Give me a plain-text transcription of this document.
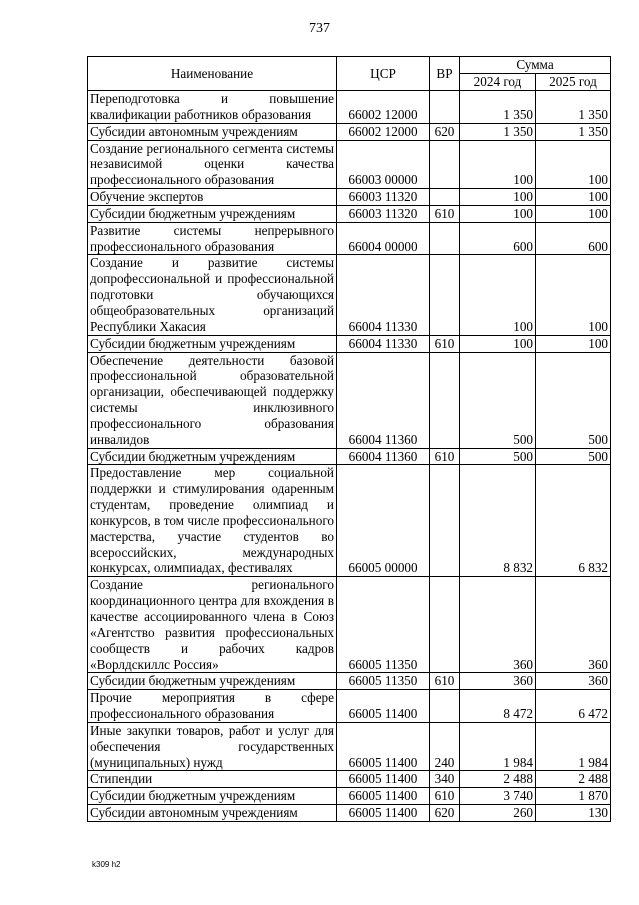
737
Наименование	ЦСР	ВР	Сумма	
			2024 год	2025 год
Переподготовка и повышение квалификации работников образования	66002 12000		1 350	1 350
Субсидии автономным учреждениям	66002 12000	620	1 350	1 350
Создание регионального сегмента системы независимой оценки качества профессионального образования	66003 00000		100	100
Обучение экспертов	66003 11320		100	100
Субсидии бюджетным учреждениям	66003 11320	610	100	100
Развитие системы непрерывного профессионального образования	66004 00000		600	600
Создание и развитие системы допрофессиональной и профессиональной подготовки обучающихся общеобразовательных организаций Республики Хакасия	66004 11330		100	100
Субсидии бюджетным учреждениям	66004 11330	610	100	100
Обеспечение деятельности базовой профессиональной образовательной организации, обеспечивающей поддержку системы инклюзивного профессионального образования инвалидов	66004 11360		500	500
Субсидии бюджетным учреждениям	66004 11360	610	500	500
Предоставление мер социальной поддержки и стимулирования одаренным студентам, проведение олимпиад и конкурсов, в том числе профессионального мастерства, участие студентов во всероссийских, международных конкурсах, олимпиадах, фестивалях	66005 00000		8 832	6 832
Создание регионального координационного центра для вхождения в качестве ассоциированного члена в Союз «Агентство развития профессиональных сообществ и рабочих кадров «Ворлдскиллс Россия»	66005 11350		360	360
Субсидии бюджетным учреждениям	66005 11350	610	360	360
Прочие мероприятия в сфере профессионального образования	66005 11400		8 472	6 472
Иные закупки товаров, работ и услуг для обеспечения государственных (муниципальных) нужд	66005 11400	240	1 984	1 984
Стипендии	66005 11400	340	2 488	2 488
Субсидии бюджетным учреждениям	66005 11400	610	3 740	1 870
Субсидии автономным учреждениям	66005 11400	620	260	130
k309 h2
